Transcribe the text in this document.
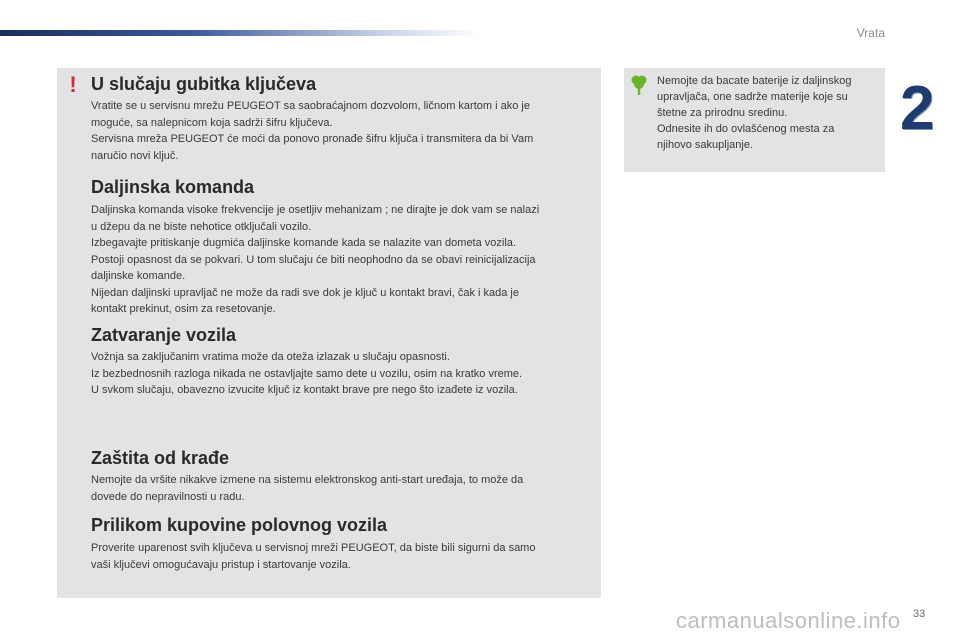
Vrata
2
! U slučaju gubitka ključeva
Vratite se u servisnu mrežu PEUGEOT sa saobraćajnom dozvolom, ličnom kartom i ako je
moguće, sa nalepnicom koja sadrži šifru ključeva.
Servisna mreža PEUGEOT će moći da ponovo pronađe šifru ključa i transmitera da bi Vam
naručio novi ključ.
Daljinska komanda
Daljinska komanda visoke frekvencije je osetljiv mehanizam ; ne dirajte je dok vam se nalazi
u džepu da ne biste nehotice otključali vozilo.
Izbegavajte pritiskanje dugmića daljinske komande kada se nalazite van dometa vozila.
Postoji opasnost da se pokvari. U tom slučaju će biti neophodno da se obavi reinicijalizacija
daljinske komande.
Nijedan daljinski upravljač ne može da radi sve dok je ključ u kontakt bravi, čak i kada je
kontakt prekinut, osim za resetovanje.
Zatvaranje vozila
Vožnja sa zaključanim vratima može da oteža izlazak u slučaju opasnosti.
Iz bezbednosnih razloga nikada ne ostavljajte samo dete u vozilu, osim na kratko vreme.
U svkom slučaju, obavezno izvucite ključ iz kontakt brave pre nego što izađete iz vozila.
Zaštita od krađe
Nemojte da vršite nikakve izmene na sistemu elektronskog anti-start uređaja, to može da
dovede do nepravilnosti u radu.
Prilikom kupovine polovnog vozila
Proverite uparenost svih ključeva u servisnoj mreži PEUGEOT, da biste bili sigurni da samo
vaši ključevi omogućavaju pristup i startovanje vozila.
Nemojte da bacate baterije iz daljinskog
upravljača, one sadrže materije koje su
štetne za prirodnu sredinu.
Odnesite ih do ovlašćenog mesta za
njihovo sakupljanje.
carmanualsonline.info 33
